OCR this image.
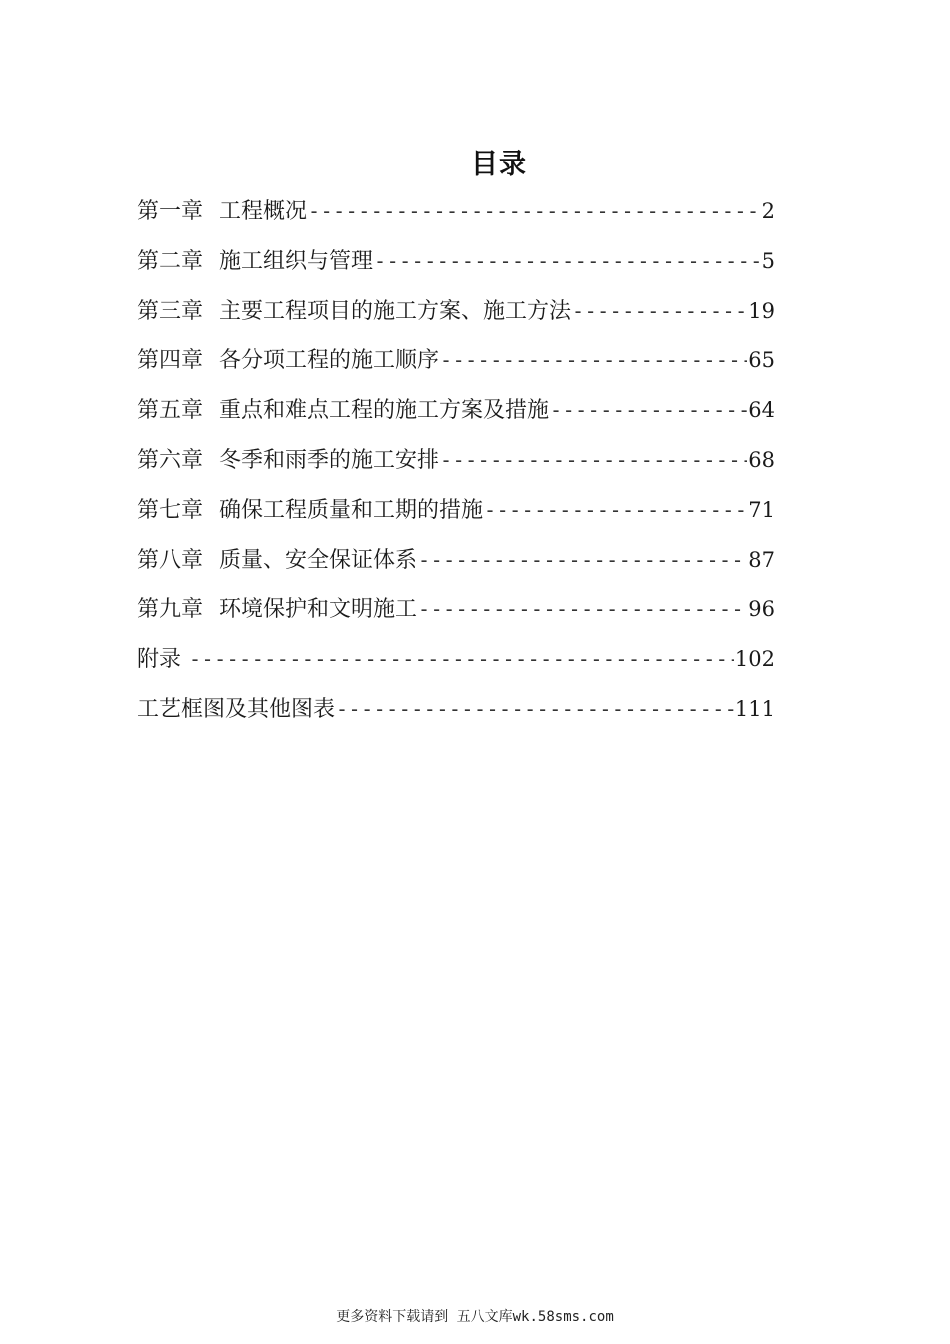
目录
第一章 工程概况 -----	2
第二章 施工组织与管理 -----	5
第三章 主要工程项目的施工方案、施工方法 -----	19
第四章 各分项工程的施工顺序 -----	65
第五章 重点和难点工程的施工方案及措施 -----	64
第六章 冬季和雨季的施工安排 -----	68
第七章 确保工程质量和工期的措施 -----	71
第八章 质量、安全保证体系 -----	87
第九章 环境保护和文明施工 -----	96
附录 -----	102
工艺框图及其他图表 -----	111
更多资料下载请到 五八文库wk.58sms.com
